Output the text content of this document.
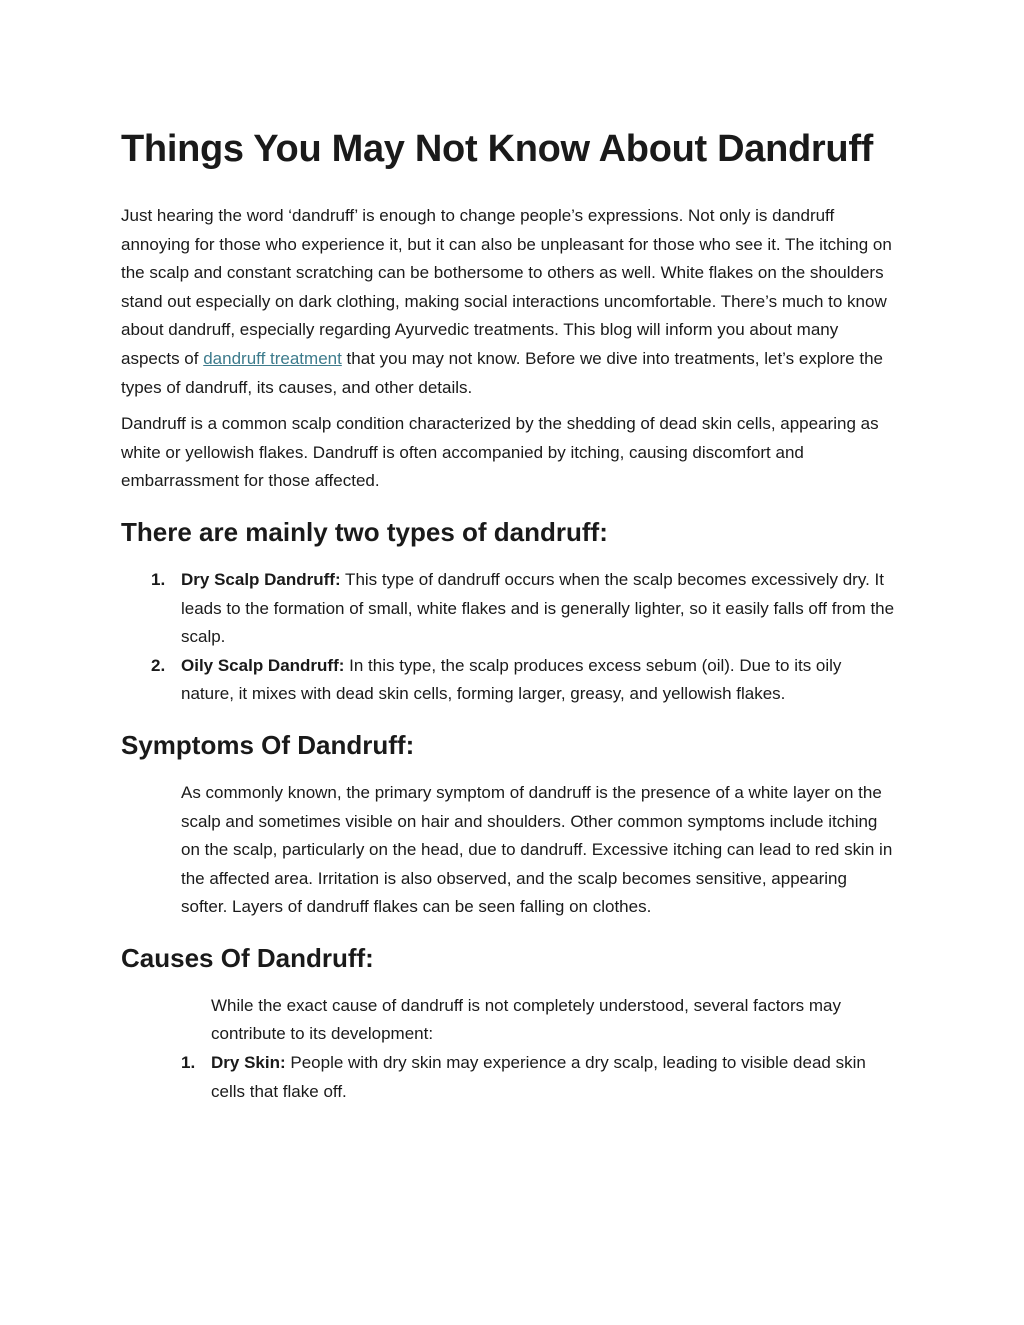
Things You May Not Know About Dandruff

Just hearing the word ‘dandruff’ is enough to change people’s expressions. Not only is dandruff annoying for those who experience it, but it can also be unpleasant for those who see it. The itching on the scalp and constant scratching can be bothersome to others as well. White flakes on the shoulders stand out especially on dark clothing, making social interactions uncomfortable. There’s much to know about dandruff, especially regarding Ayurvedic treatments. This blog will inform you about many aspects of dandruff treatment that you may not know. Before we dive into treatments, let’s explore the types of dandruff, its causes, and other details.

Dandruff is a common scalp condition characterized by the shedding of dead skin cells, appearing as white or yellowish flakes. Dandruff is often accompanied by itching, causing discomfort and embarrassment for those affected.

There are mainly two types of dandruff:
1. Dry Scalp Dandruff: This type of dandruff occurs when the scalp becomes excessively dry. It leads to the formation of small, white flakes and is generally lighter, so it easily falls off from the scalp.
2. Oily Scalp Dandruff: In this type, the scalp produces excess sebum (oil). Due to its oily nature, it mixes with dead skin cells, forming larger, greasy, and yellowish flakes.
Symptoms Of Dandruff:

As commonly known, the primary symptom of dandruff is the presence of a white layer on the scalp and sometimes visible on hair and shoulders. Other common symptoms include itching on the scalp, particularly on the head, due to dandruff. Excessive itching can lead to red skin in the affected area. Irritation is also observed, and the scalp becomes sensitive, appearing softer. Layers of dandruff flakes can be seen falling on clothes.

Causes Of Dandruff:

While the exact cause of dandruff is not completely understood, several factors may contribute to its development:

1. Dry Skin: People with dry skin may experience a dry scalp, leading to visible dead skin cells that flake off.
